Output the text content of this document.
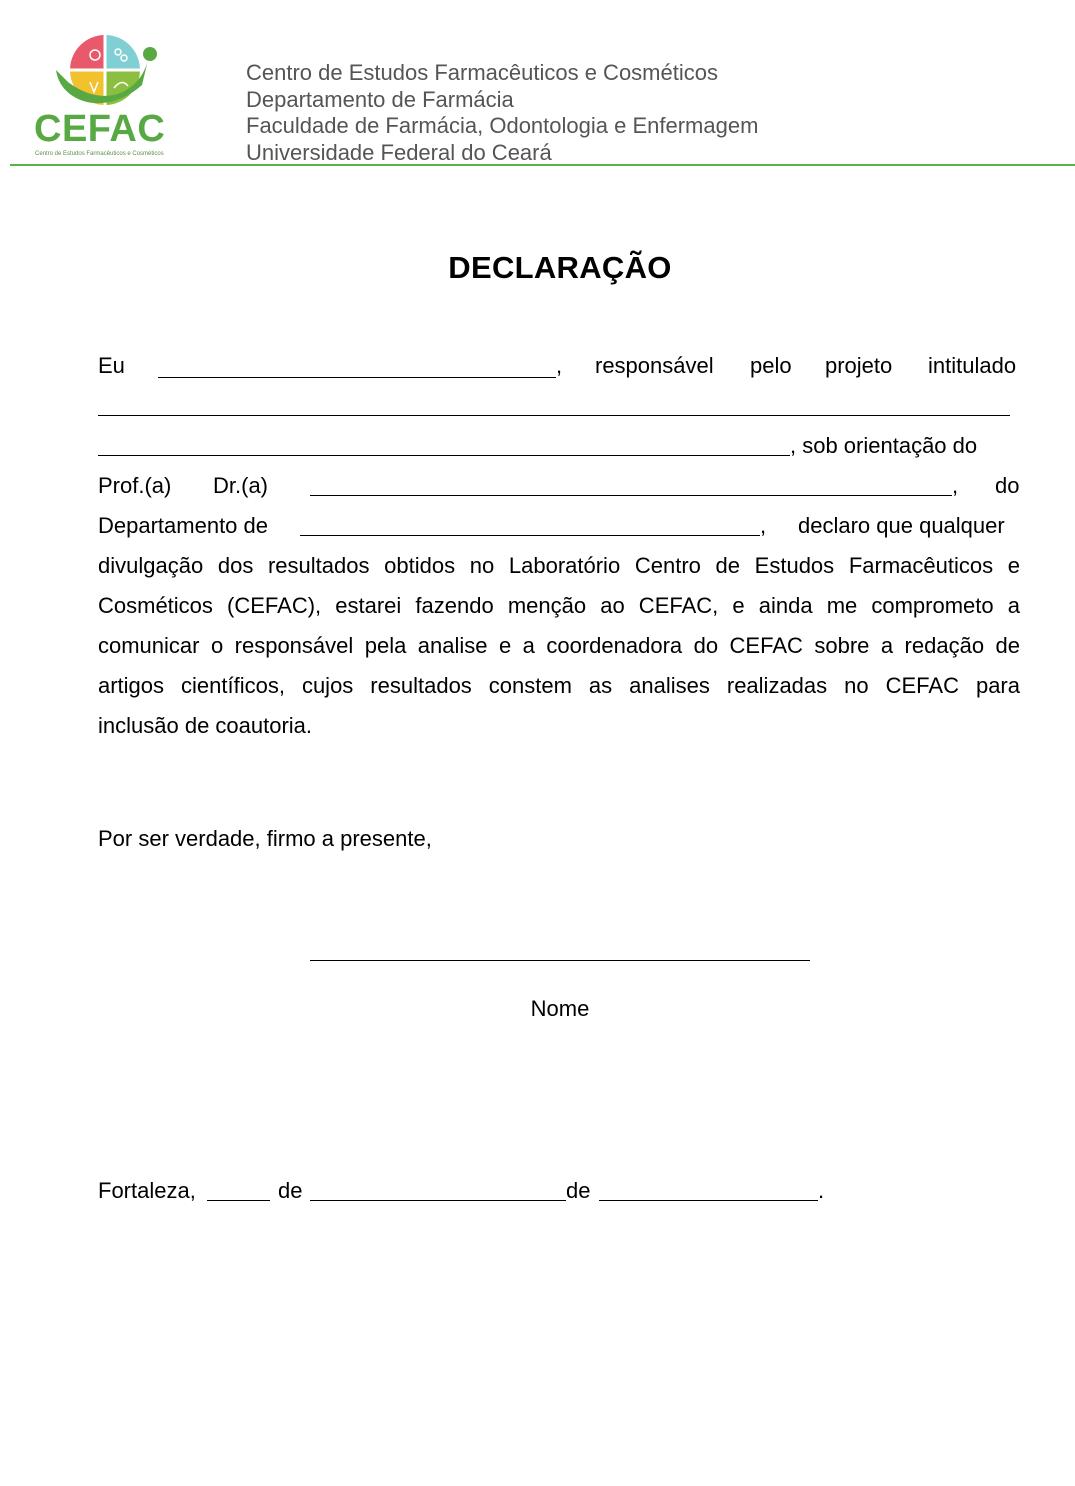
CEFAC
Centro de Estudos Farmacêuticos e Cosméticos
Centro de Estudos Farmacêuticos e Cosméticos
Departamento de Farmácia
Faculdade de Farmácia, Odontologia e Enfermagem
Universidade Federal do Ceará
DECLARAÇÃO
Eu	, responsável pelo projeto intitulado
, sob orientação do
Prof.(a) Dr.(a)	, do
Departamento de	, declaro que qualquer
divulgação dos resultados obtidos no Laboratório Centro de Estudos Farmacêuticos e
Cosméticos (CEFAC), estarei fazendo menção ao CEFAC, e ainda me comprometo a
comunicar o responsável pela analise e a coordenadora do CEFAC sobre a redação de
artigos científicos, cujos resultados constem as analises realizadas no CEFAC para
inclusão de coautoria.
Por ser verdade, firmo a presente,
Nome
Fortaleza,	de	de	.
